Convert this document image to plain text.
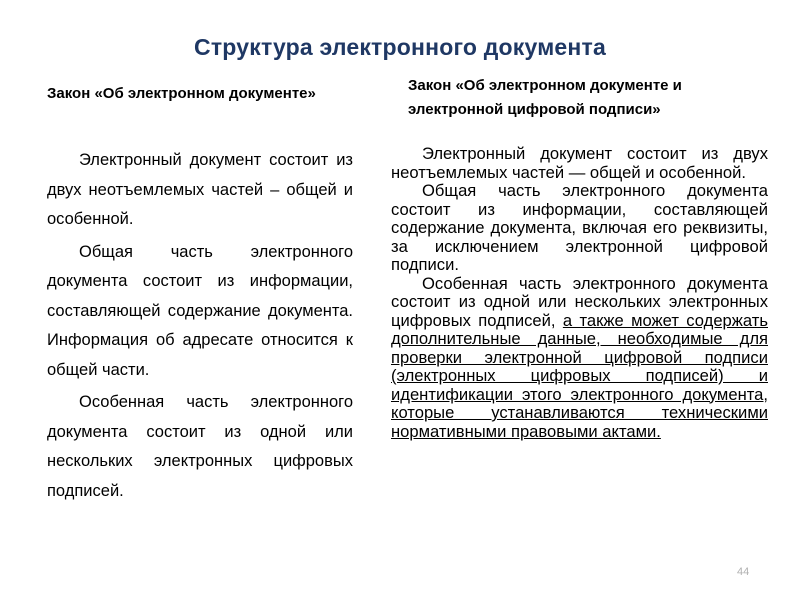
Структура электронного документа
Закон «Об электронном документе»	Закон «Об электронном документе и электронной цифровой подписи»

Электронный документ состоит из двух неотъемлемых частей – общей и особенной.

Общая часть электронного документа состоит из информации, составляющей содержание документа. Информация об адресате относится к общей части.

Особенная часть электронного документа состоит из одной или нескольких электронных цифровых подписей.

Электронный документ состоит из двух неотъемлемых частей — общей и особенной.

Общая часть электронного документа состоит из информации, составляющей содержание документа, включая его реквизиты, за исключением электронной цифровой подписи.

Особенная часть электронного документа состоит из одной или нескольких электронных цифровых подписей, а также может содержать дополнительные данные, необходимые для проверки электронной цифровой подписи (электронных цифровых подписей) и идентификации этого электронного документа, которые устанавливаются техническими нормативными правовыми актами.

44
